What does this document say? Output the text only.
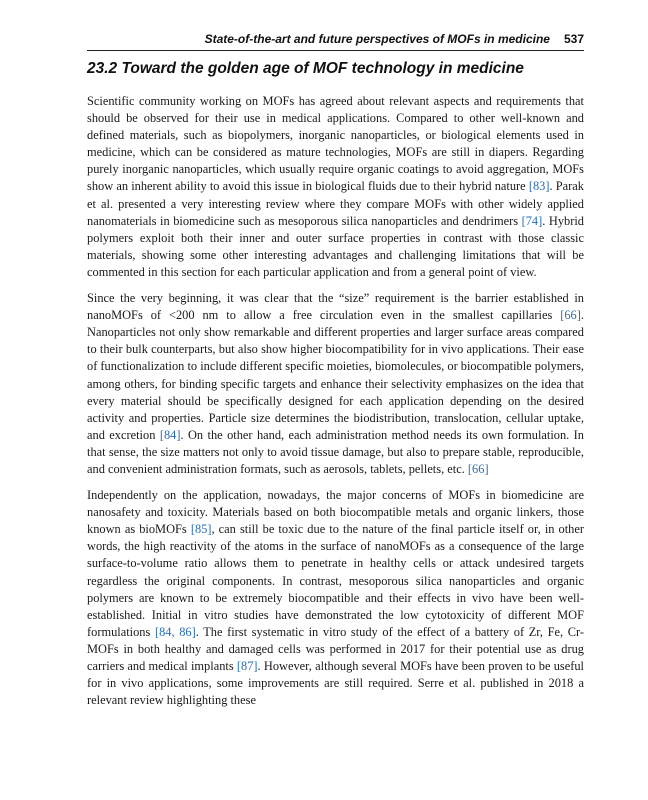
State-of-the-art and future perspectives of MOFs in medicine 537
23.2 Toward the golden age of MOF technology in medicine

Scientific community working on MOFs has agreed about relevant aspects and requirements that should be observed for their use in medical applications. Compared to other well-known and defined materials, such as biopolymers, inorganic nanoparticles, or biological elements used in medicine, which can be considered as mature technologies, MOFs are still in diapers. Regarding purely inorganic nanoparticles, which usually require organic coatings to avoid aggregation, MOFs show an inherent ability to avoid this issue in biological fluids due to their hybrid nature [83]. Parak et al. presented a very interesting review where they compare MOFs with other widely applied nanomaterials in biomedicine such as mesoporous silica nanoparticles and dendrimers [74]. Hybrid polymers exploit both their inner and outer surface properties in contrast with those classic materials, showing some other interesting advantages and challenging limitations that will be commented in this section for each particular application and from a general point of view.

Since the very beginning, it was clear that the “size” requirement is the barrier established in nanoMOFs of <200 nm to allow a free circulation even in the smallest capillaries [66]. Nanoparticles not only show remarkable and different properties and larger surface areas compared to their bulk counterparts, but also show higher biocompatibility for in vivo applications. Their ease of functionalization to include different specific moieties, biomolecules, or biocompatible polymers, among others, for binding specific targets and enhance their selectivity emphasizes on the idea that every material should be specifically designed for each application depending on the desired activity and properties. Particle size determines the biodistribution, translocation, cellular uptake, and excretion [84]. On the other hand, each administration method needs its own formulation. In that sense, the size matters not only to avoid tissue damage, but also to prepare stable, reproducible, and convenient administration formats, such as aerosols, tablets, pellets, etc. [66]

Independently on the application, nowadays, the major concerns of MOFs in biomedicine are nanosafety and toxicity. Materials based on both biocompatible metals and organic linkers, those known as bioMOFs [85], can still be toxic due to the nature of the final particle itself or, in other words, the high reactivity of the atoms in the surface of nanoMOFs as a consequence of the large surface-to-volume ratio allows them to penetrate in healthy cells or attack undesired targets regardless the original components. In contrast, mesoporous silica nanoparticles and organic polymers are known to be extremely biocompatible and their effects in vivo have been well-established. Initial in vitro studies have demonstrated the low cytotoxicity of different MOF formulations [84, 86]. The first systematic in vitro study of the effect of a battery of Zr, Fe, Cr-MOFs in both healthy and damaged cells was performed in 2017 for their potential use as drug carriers and medical implants [87]. However, although several MOFs have been proven to be useful for in vivo applications, some improvements are still required. Serre et al. published in 2018 a relevant review highlighting these
